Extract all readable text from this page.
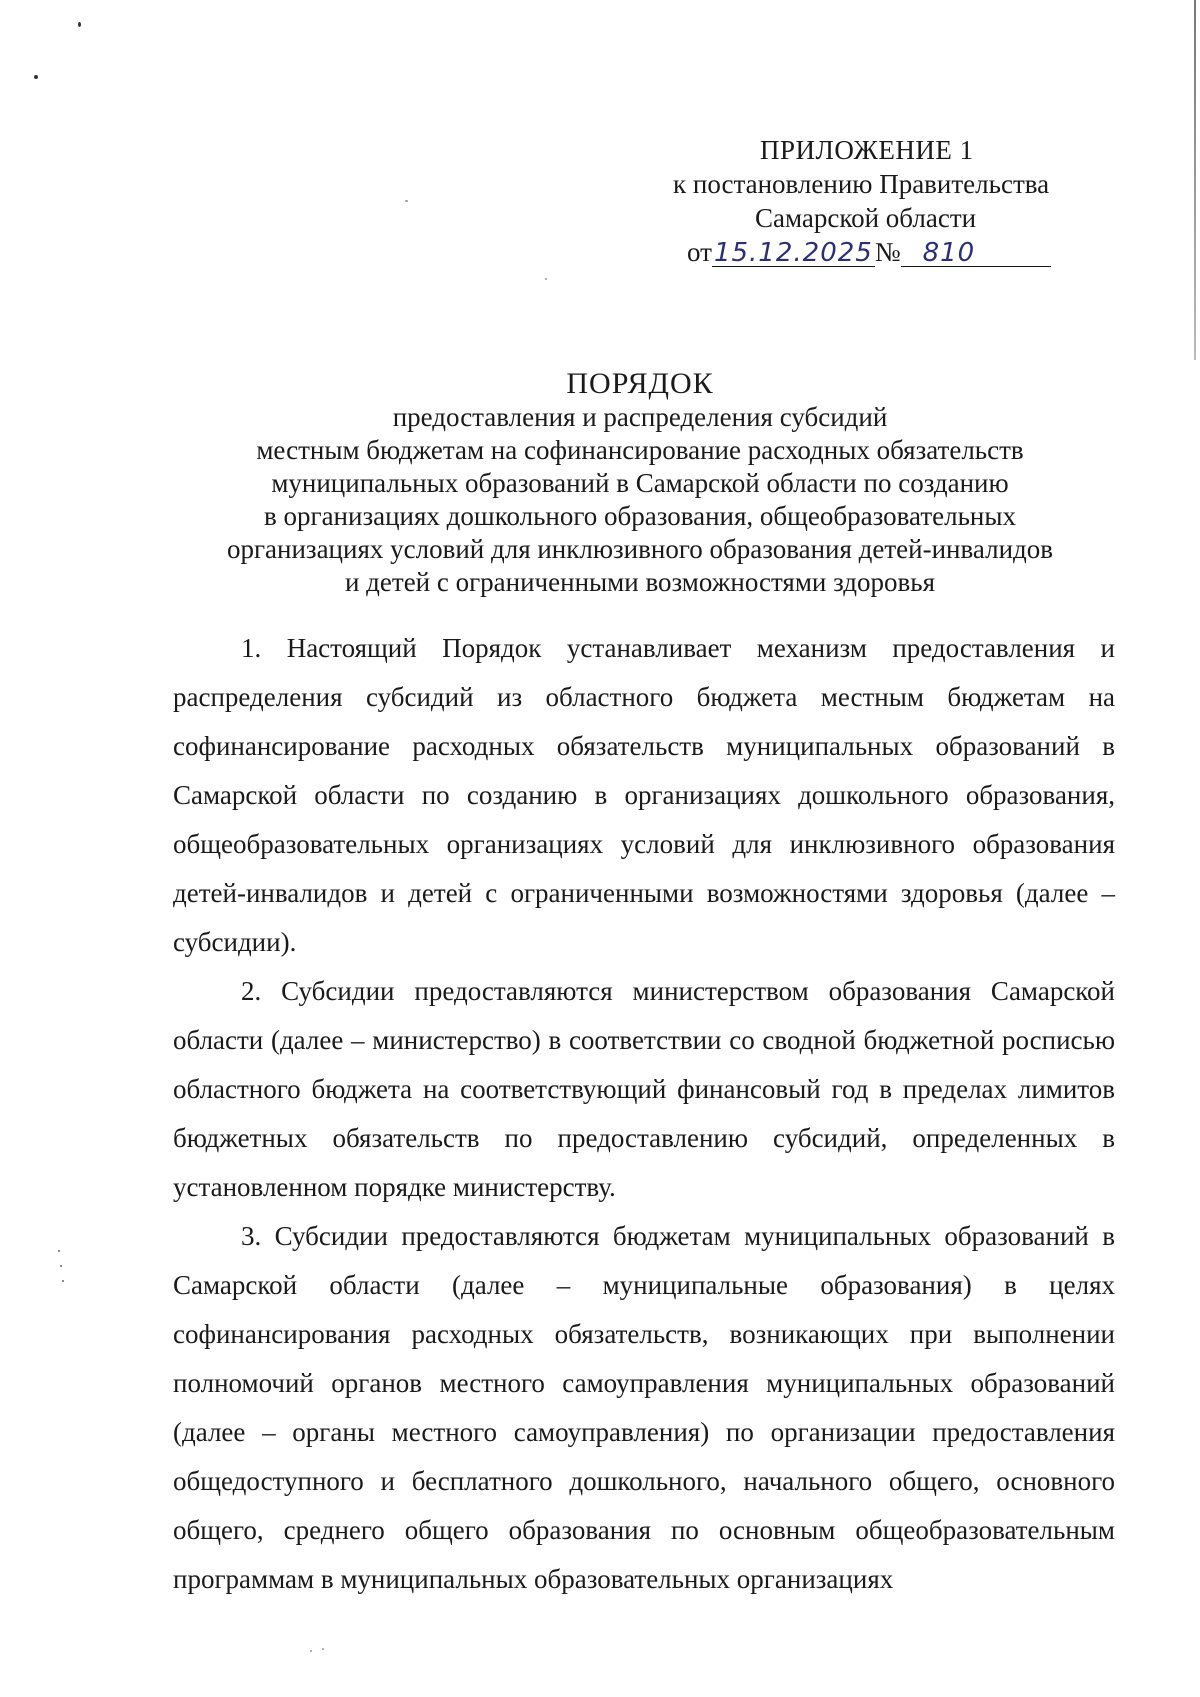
ПРИЛОЖЕНИЕ 1
к постановлению Правительства
Самарской области
от 15.12.2025 № 810
ПОРЯДОК
предоставления и распределения субсидий
местным бюджетам на софинансирование расходных обязательств
муниципальных образований в Самарской области по созданию
в организациях дошкольного образования, общеобразовательных
организациях условий для инклюзивного образования детей-инвалидов
и детей с ограниченными возможностями здоровья

1. Настоящий Порядок устанавливает механизм предоставления и распределения субсидий из областного бюджета местным бюджетам на софинансирование расходных обязательств муниципальных образований в Самарской области по созданию в организациях дошкольного образования, общеобразовательных организациях условий для инклюзивного образования детей-инвалидов и детей с ограниченными возможностями здоровья (далее – субсидии).

2. Субсидии предоставляются министерством образования Самарской области (далее – министерство) в соответствии со сводной бюджетной росписью областного бюджета на соответствующий финансовый год в пределах лимитов бюджетных обязательств по предоставлению субсидий, определенных в установленном порядке министерству.

3. Субсидии предоставляются бюджетам муниципальных образований в Самарской области (далее – муниципальные образования) в целях софинансирования расходных обязательств, возникающих при выполнении полномочий органов местного самоуправления муниципальных образований (далее – органы местного самоуправления) по организации предоставления общедоступного и бесплатного дошкольного, начального общего, основного общего, среднего общего образования по основным общеобразовательным программам в муниципальных образовательных организациях
